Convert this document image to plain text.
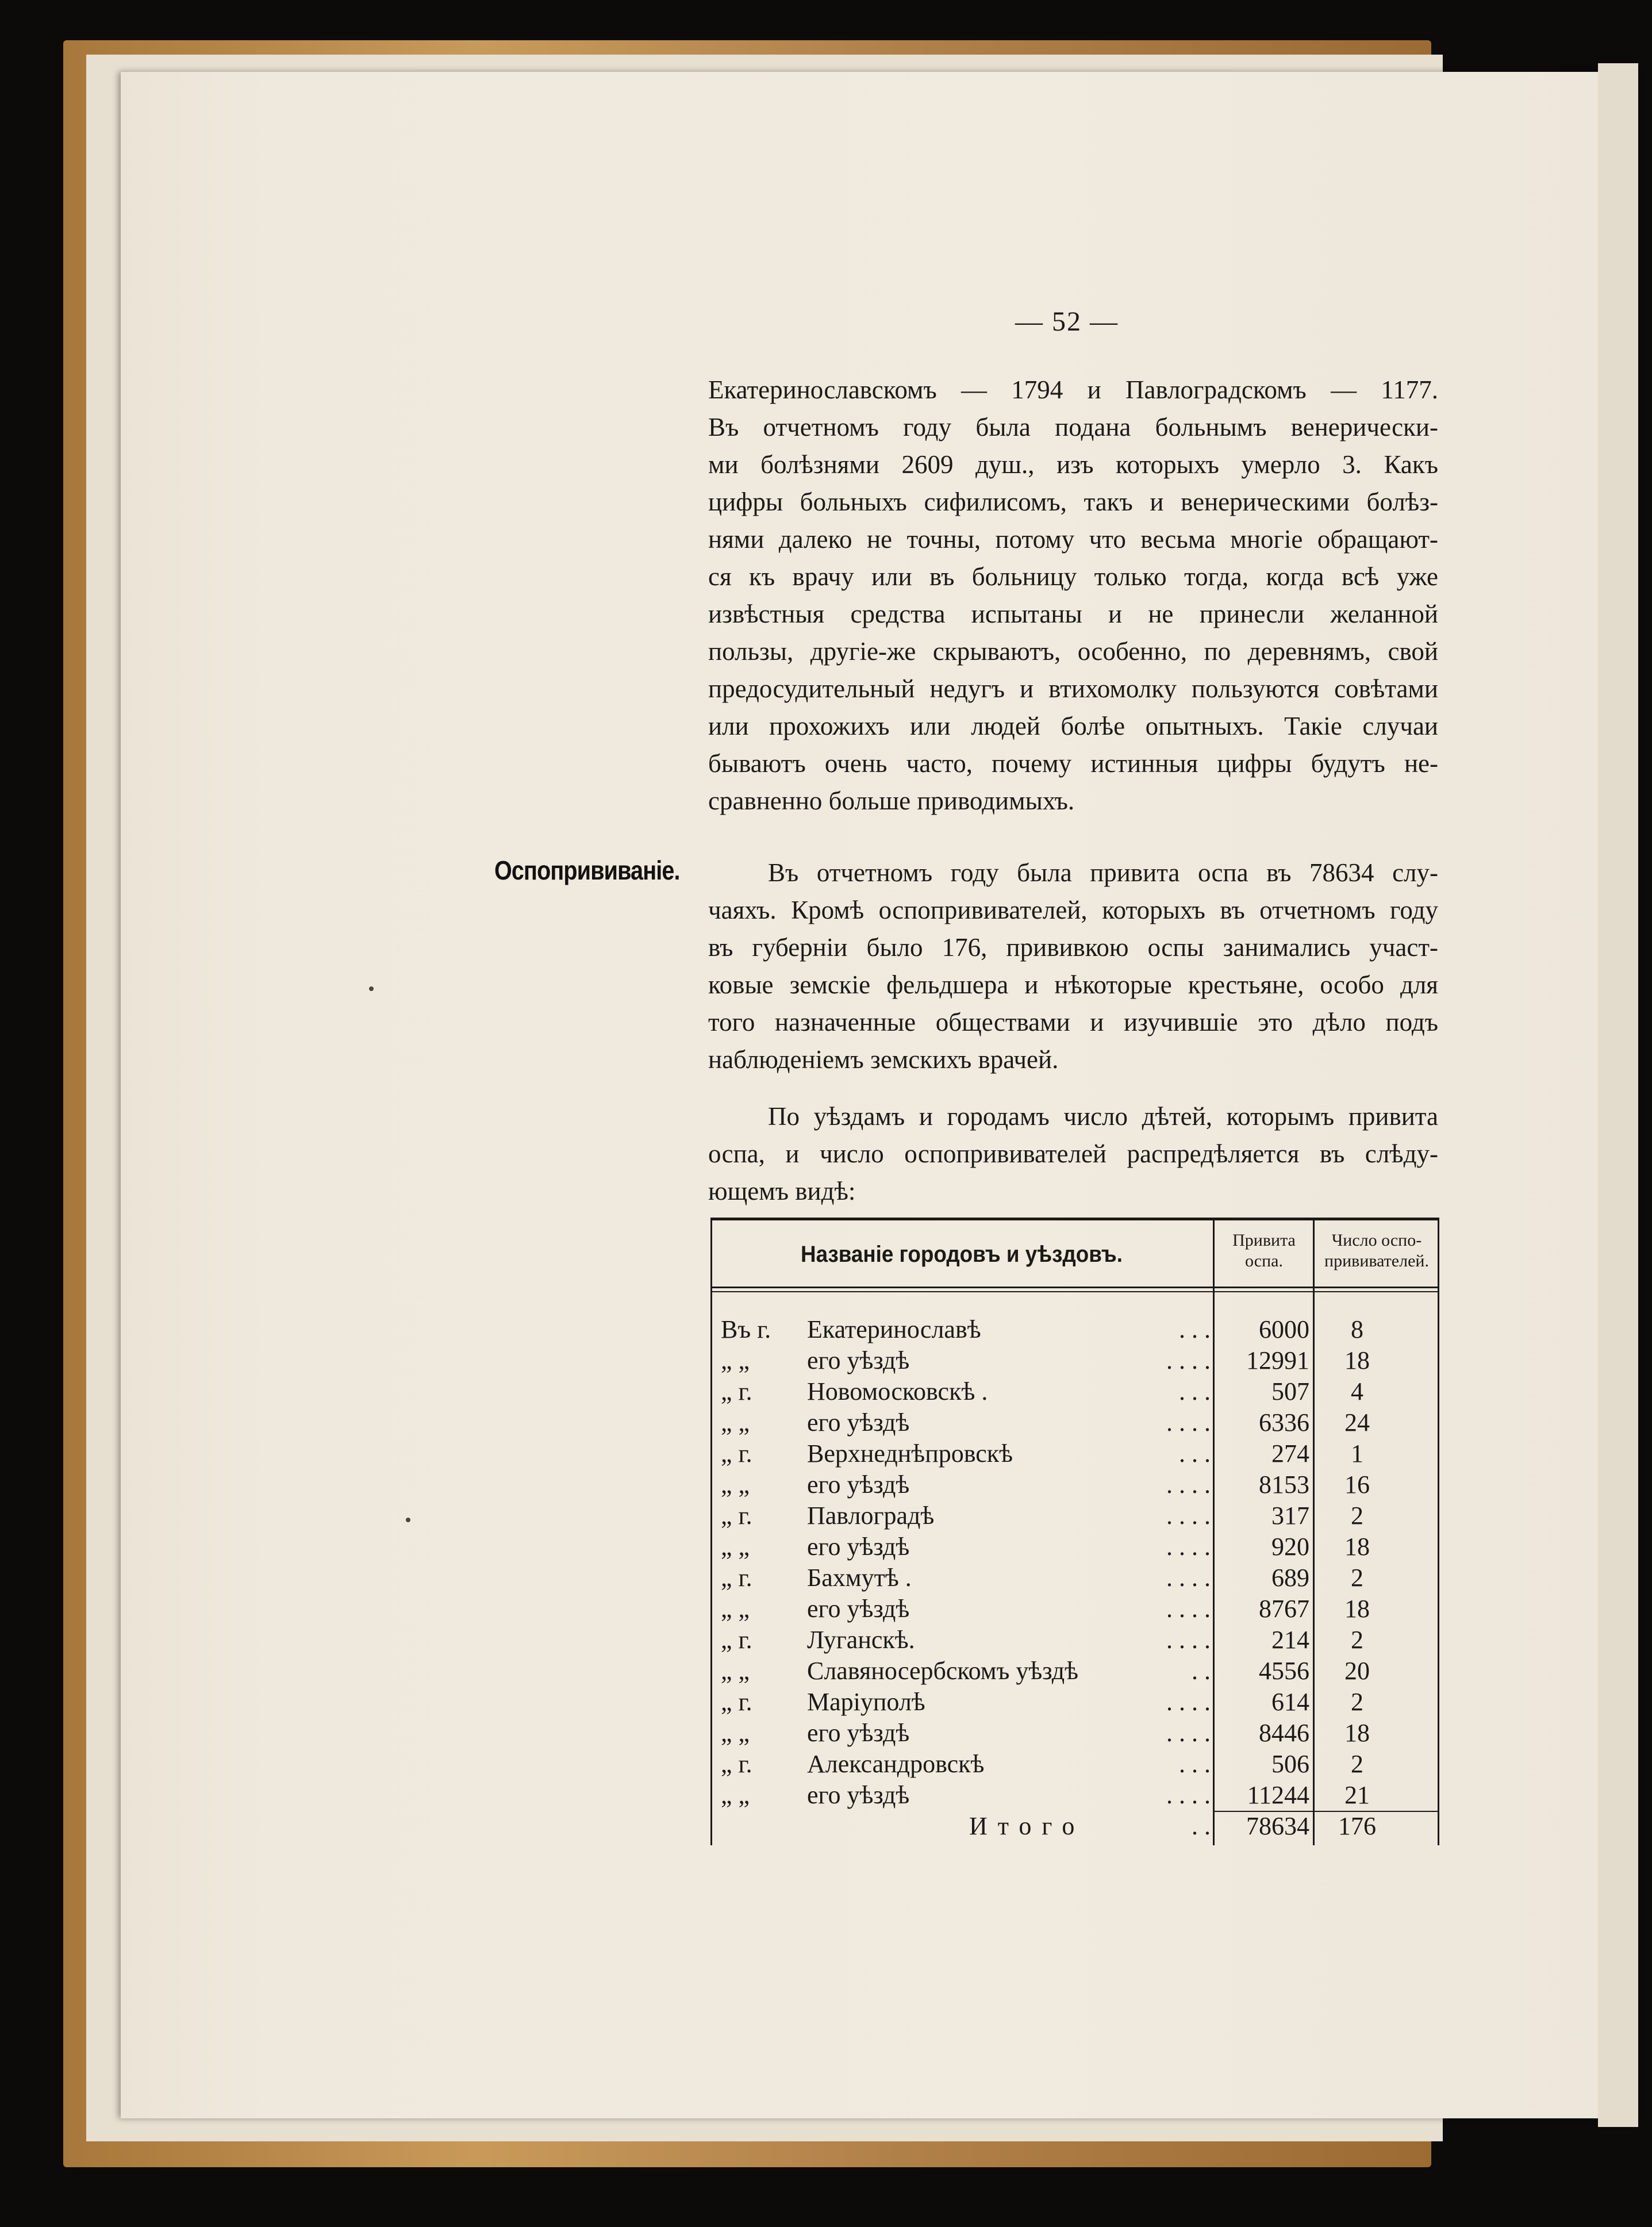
— 52 —
Екатеринославскомъ — 1794 и Павлоградскомъ — 1177.
Въ отчетномъ году была подана больнымъ венерически-
ми болѣзнями 2609 душ., изъ которыхъ умерло 3. Какъ
цифры больныхъ сифилисомъ, такъ и венерическими болѣз-
нями далеко не точны, потому что весьма многіе обращают-
ся къ врачу или въ больницу только тогда, когда всѣ уже
извѣстныя средства испытаны и не принесли желанной
пользы, другіе-же скрываютъ, особенно, по деревнямъ, свой
предосудительный недугъ и втихомолку пользуются совѣтами
или прохожихъ или людей болѣе опытныхъ. Такіе случаи
бываютъ очень часто, почему истинныя цифры будутъ не-
сравненно больше приводимыхъ.
Оспопрививаніе.	Въ отчетномъ году была привита оспа въ 78634 слу-
чаяхъ. Кромѣ оспопрививателей, которыхъ въ отчетномъ году
въ губерніи было 176, прививкою оспы занимались участ-
ковые земскіе фельдшера и нѣкоторые крестьяне, особо для
того назначенные обществами и изучившіе это дѣло подъ
наблюденіемъ земскихъ врачей.
По уѣздамъ и городамъ число дѣтей, которымъ привита
оспа, и число оспопрививателей распредѣляется въ слѣду-
ющемъ видѣ:
Названіе городовъ и уѣздовъ.
Привита
оспа.
Число оспо-
прививателей.
Въ г.	Екатеринославѣ	. . .	6000	8
„ „	его уѣздѣ	. . . .	12991	18
„ г.	Новомосковскѣ .	. . .	507	4
„ „	его уѣздѣ	. . . .	6336	24
„ г.	Верхнеднѣпровскѣ	. . .	274	1
„ „	его уѣздѣ	. . . .	8153	16
„ г.	Павлоградѣ	. . . .	317	2
„ „	его уѣздѣ	. . . .	920	18
„ г.	Бахмутѣ .	. . . .	689	2
„ „	его уѣздѣ	. . . .	8767	18
„ г.	Луганскѣ.	. . . .	214	2
„ „	Славяносербскомъ уѣздѣ	. .	4556	20
„ г.	Маріуполѣ	. . . .	614	2
„ „	его уѣздѣ	. . . .	8446	18
„ г.	Александровскѣ	. . .	506	2
„ „	его уѣздѣ	. . . .	11244	21
Итого	. .	78634	176
